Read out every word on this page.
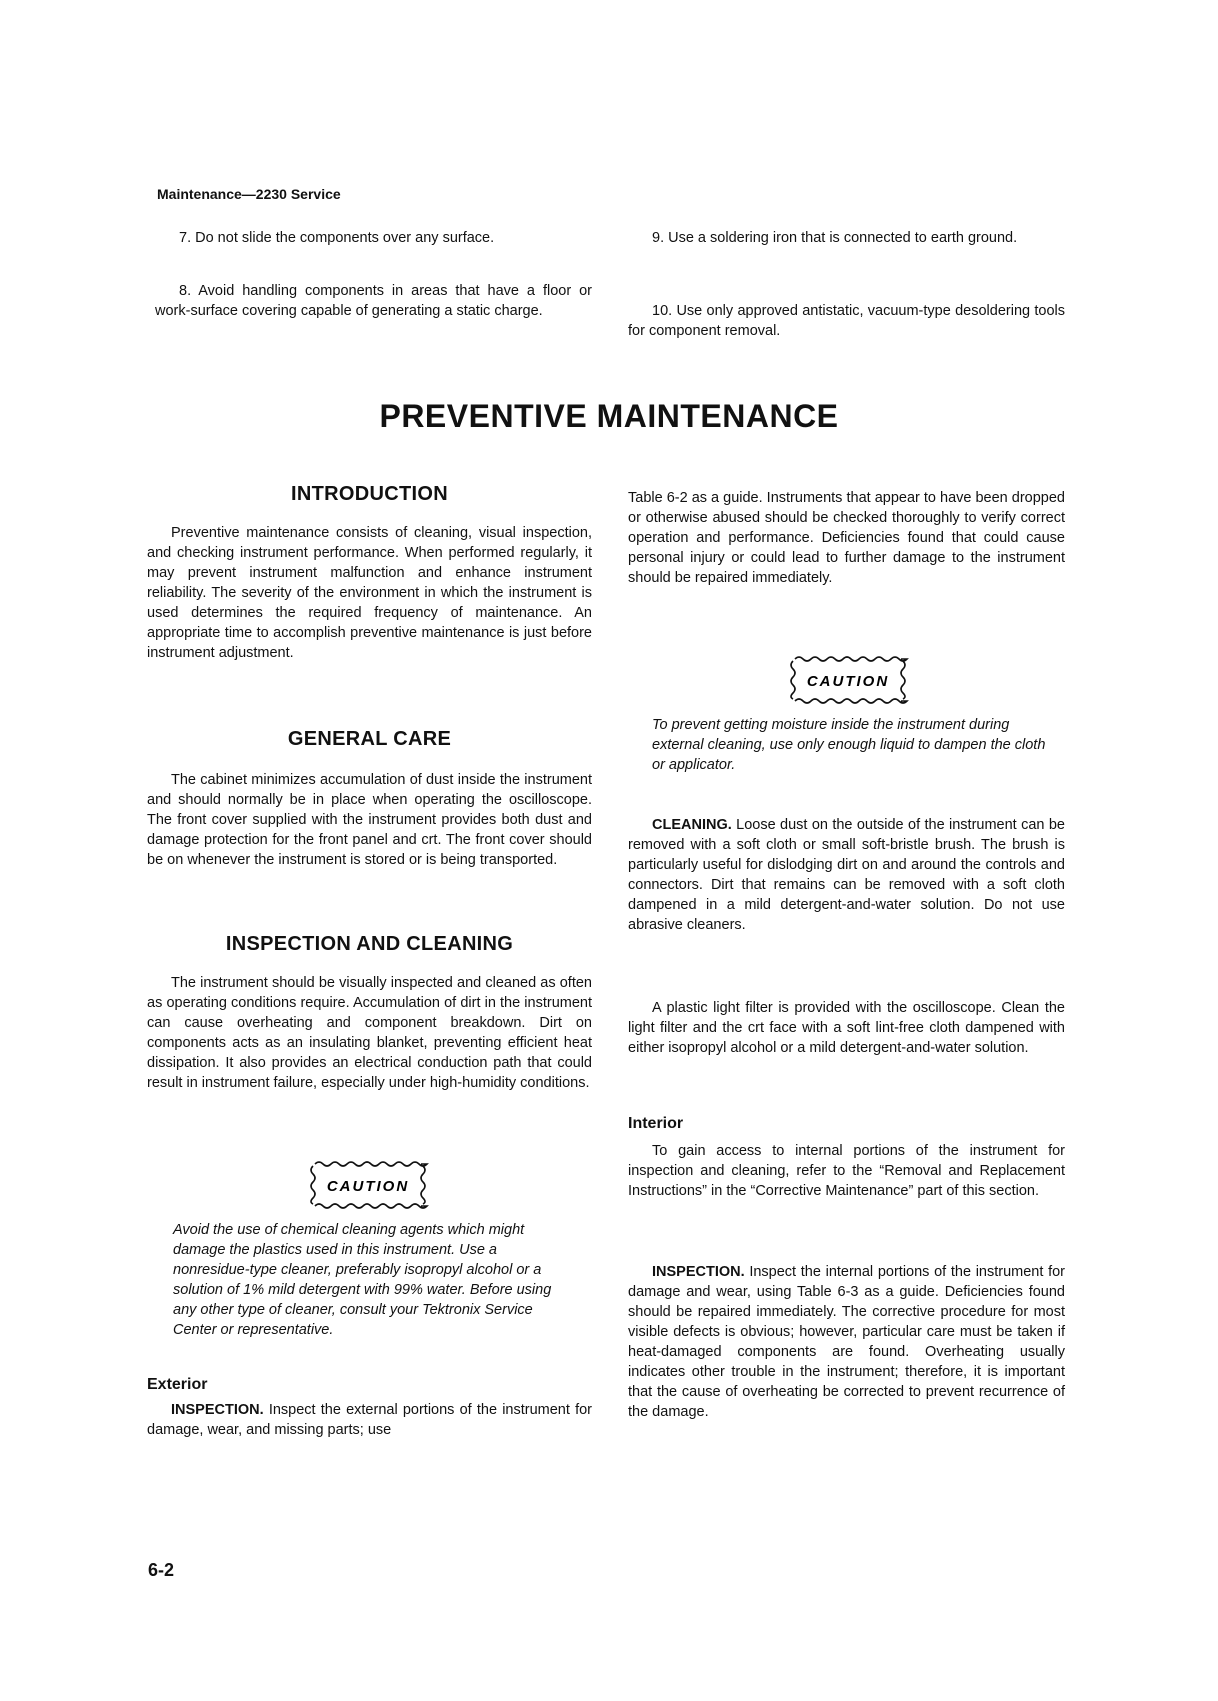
Maintenance—2230 Service

7. Do not slide the components over any surface.

8. Avoid handling components in areas that have a floor or work-surface covering capable of generating a static charge.

9. Use a soldering iron that is connected to earth ground.

10. Use only approved antistatic, vacuum-type desoldering tools for component removal.

PREVENTIVE MAINTENANCE
INTRODUCTION

Preventive maintenance consists of cleaning, visual inspection, and checking instrument performance. When performed regularly, it may prevent instrument malfunction and enhance instrument reliability. The severity of the environment in which the instrument is used determines the required frequency of maintenance. An appropriate time to accomplish preventive maintenance is just before instrument adjustment.

GENERAL CARE

The cabinet minimizes accumulation of dust inside the instrument and should normally be in place when operating the oscilloscope. The front cover supplied with the instrument provides both dust and damage protection for the front panel and crt. The front cover should be on whenever the instrument is stored or is being transported.

INSPECTION AND CLEANING

The instrument should be visually inspected and cleaned as often as operating conditions require. Accumulation of dirt in the instrument can cause overheating and component breakdown. Dirt on components acts as an insulating blanket, preventing efficient heat dissipation. It also provides an electrical conduction path that could result in instrument failure, especially under high-humidity conditions.

CAUTION

Avoid the use of chemical cleaning agents which might damage the plastics used in this instrument. Use a nonresidue-type cleaner, preferably isopropyl alcohol or a solution of 1% mild detergent with 99% water. Before using any other type of cleaner, consult your Tektronix Service Center or representative.

Exterior

INSPECTION. Inspect the external portions of the instrument for damage, wear, and missing parts; use

Table 6-2 as a guide. Instruments that appear to have been dropped or otherwise abused should be checked thoroughly to verify correct operation and performance. Deficiencies found that could cause personal injury or could lead to further damage to the instrument should be repaired immediately.

CAUTION

To prevent getting moisture inside the instrument during external cleaning, use only enough liquid to dampen the cloth or applicator.

CLEANING. Loose dust on the outside of the instrument can be removed with a soft cloth or small soft-bristle brush. The brush is particularly useful for dislodging dirt on and around the controls and connectors. Dirt that remains can be removed with a soft cloth dampened in a mild detergent-and-water solution. Do not use abrasive cleaners.

A plastic light filter is provided with the oscilloscope. Clean the light filter and the crt face with a soft lint-free cloth dampened with either isopropyl alcohol or a mild detergent-and-water solution.

Interior

To gain access to internal portions of the instrument for inspection and cleaning, refer to the “Removal and Replacement Instructions” in the “Corrective Maintenance” part of this section.

INSPECTION. Inspect the internal portions of the instrument for damage and wear, using Table 6-3 as a guide. Deficiencies found should be repaired immediately. The corrective procedure for most visible defects is obvious; however, particular care must be taken if heat-damaged components are found. Overheating usually indicates other trouble in the instrument; therefore, it is important that the cause of overheating be corrected to prevent recurrence of the damage.

6-2
